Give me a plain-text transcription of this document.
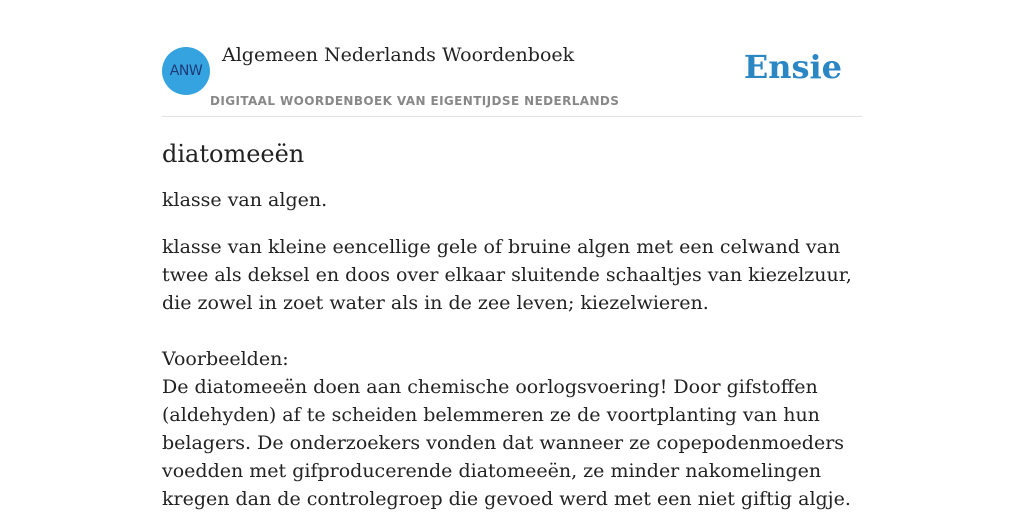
ANW
Algemeen Nederlands Woordenboek
DIGITAAL WOORDENBOEK VAN EIGENTIJDSE NEDERLANDS
Ensie
diatomeeën

klasse van algen.

klasse van kleine eencellige gele of bruine algen met een celwand van twee als deksel en doos over elkaar sluitende schaaltjes van kiezelzuur, die zowel in zoet water als in de zee leven; kiezelwieren.

Voorbeelden:

De diatomeeën doen aan chemische oorlogsvoering! Door gifstoffen (aldehyden) af te scheiden belemmeren ze de voortplanting van hun belagers. De onderzoekers vonden dat wanneer ze copepodenmoeders voedden met gifproducerende diatomeeën, ze minder nakomelingen kregen dan de controlegroep die gevoed werd met een niet giftig algje.
